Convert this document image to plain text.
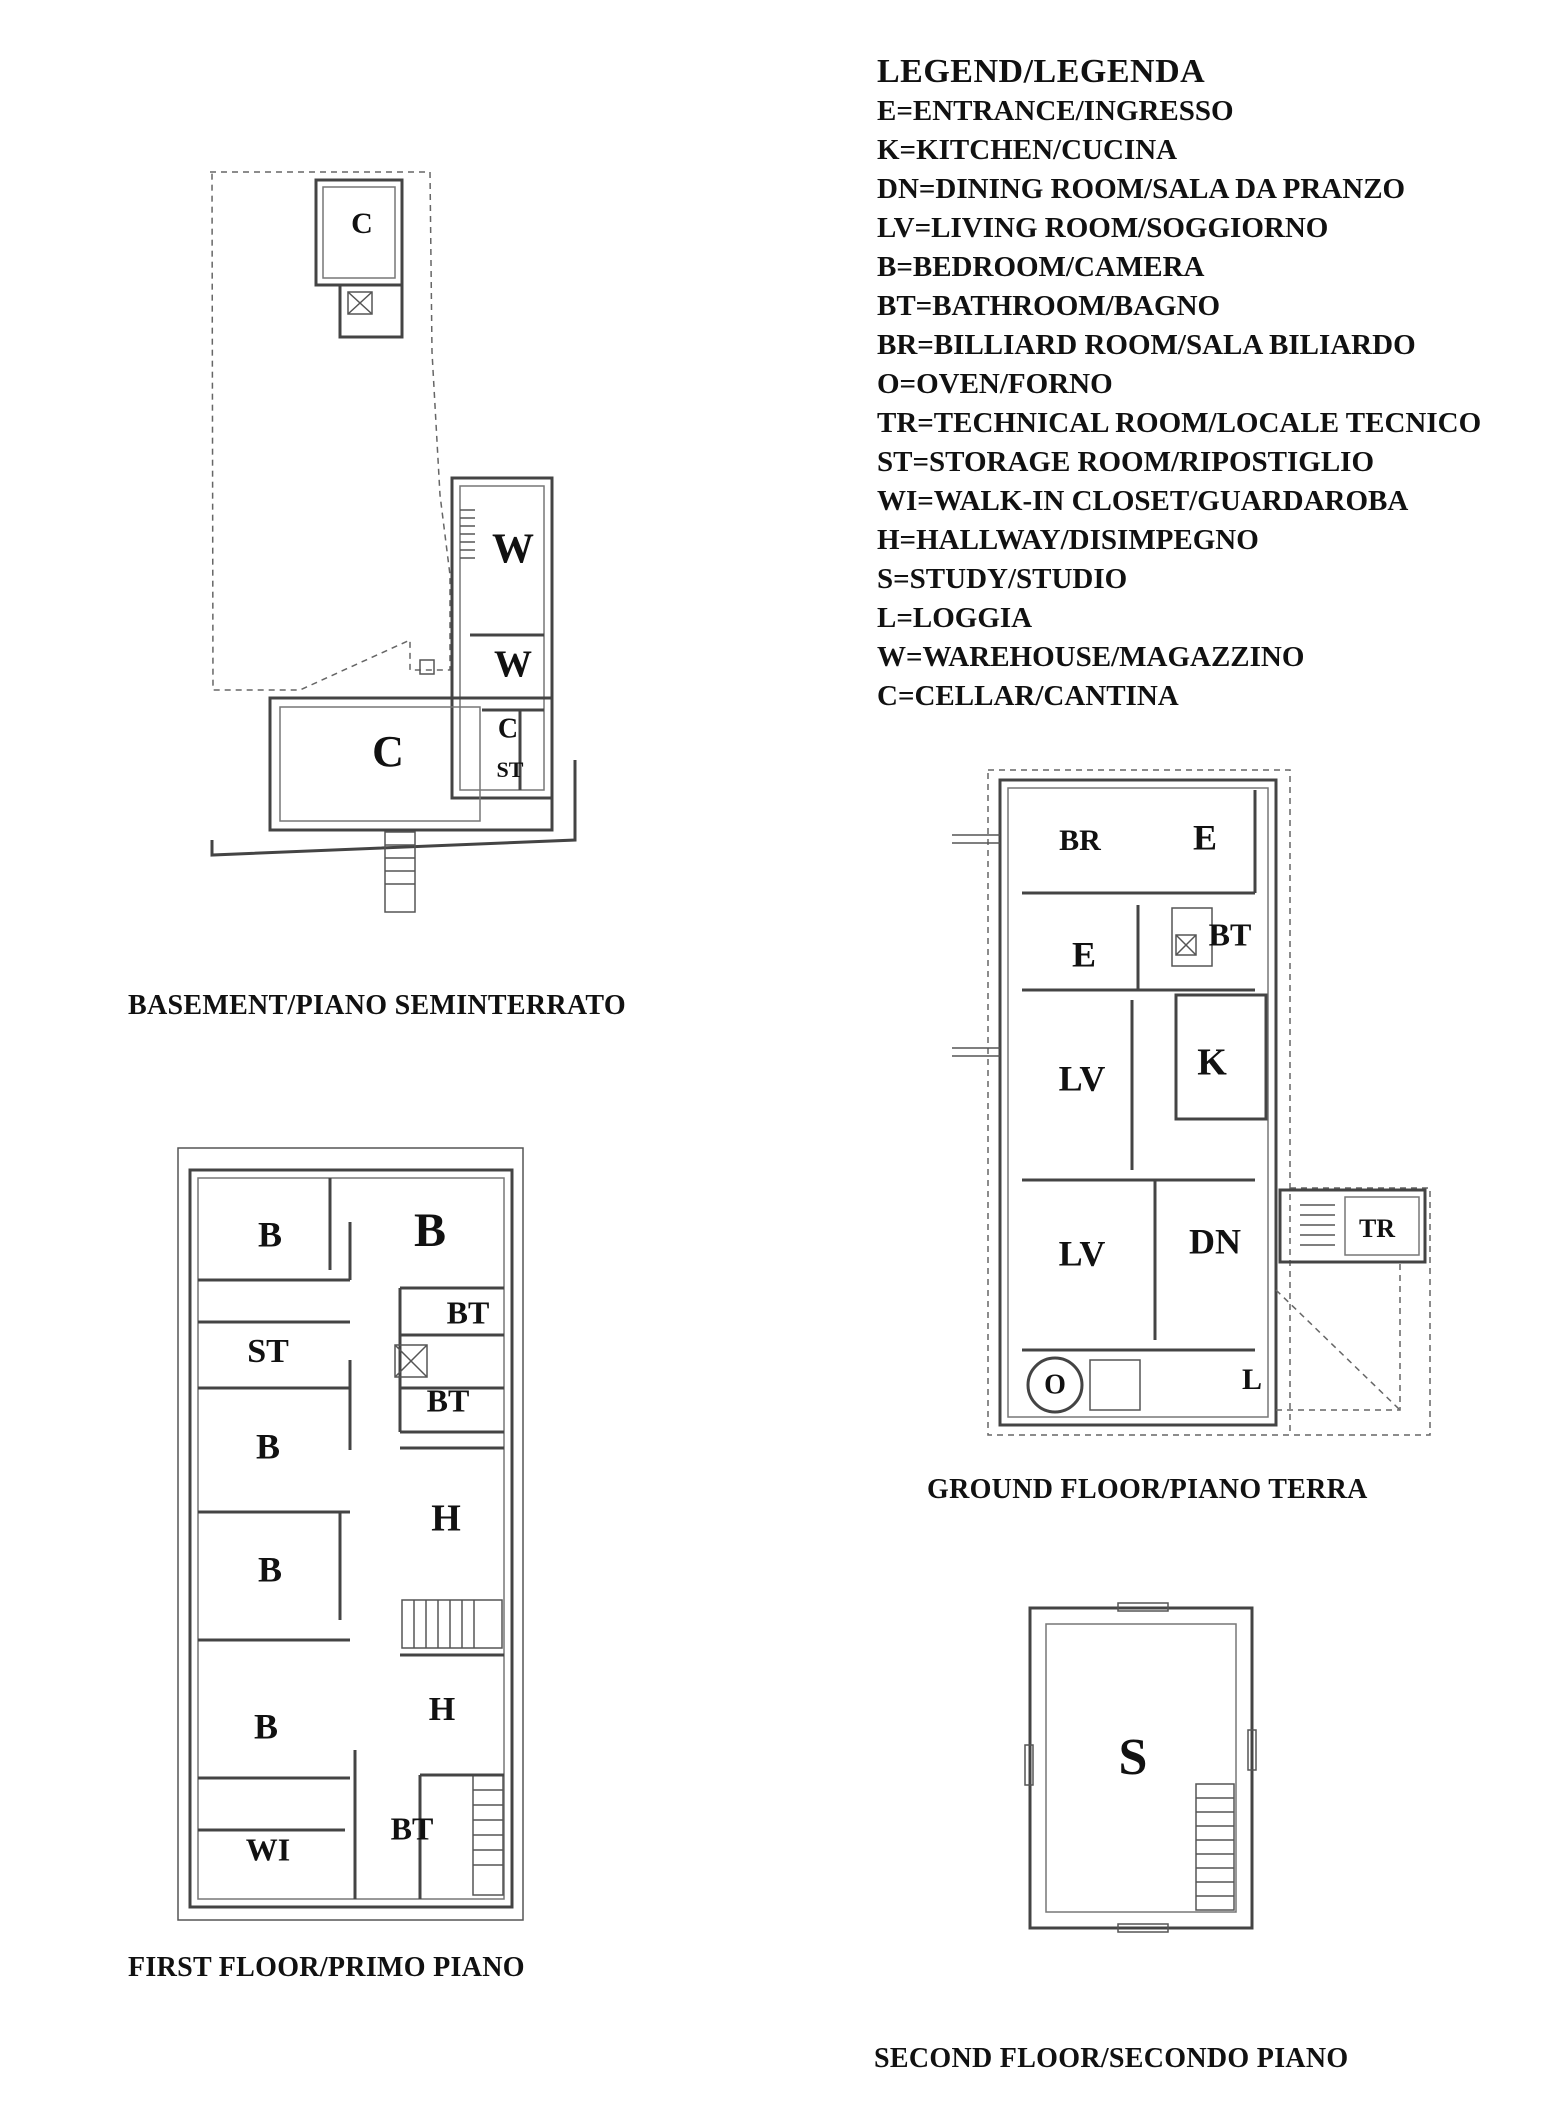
LEGEND/LEGENDA
E=ENTRANCE/INGRESSO
K=KITCHEN/CUCINA
DN=DINING ROOM/SALA DA PRANZO
LV=LIVING ROOM/SOGGIORNO
B=BEDROOM/CAMERA
BT=BATHROOM/BAGNO
BR=BILLIARD ROOM/SALA BILIARDO
O=OVEN/FORNO
TR=TECHNICAL ROOM/LOCALE TECNICO
ST=STORAGE ROOM/RIPOSTIGLIO
WI=WALK-IN CLOSET/GUARDAROBA
H=HALLWAY/DISIMPEGNO
S=STUDY/STUDIO
L=LOGGIA
W=WAREHOUSE/MAGAZZINO
C=CELLAR/CANTINA
C
W
W
C	C
ST
BR	E
E	BT
LV K
LV DN	TR
O	L
B	B
BT
ST
BT
B
H
B
B	H
WI
BT
S
BASEMENT/PIANO SEMINTERRATO
GROUND FLOOR/PIANO TERRA
FIRST FLOOR/PRIMO PIANO
SECOND FLOOR/SECONDO PIANO
